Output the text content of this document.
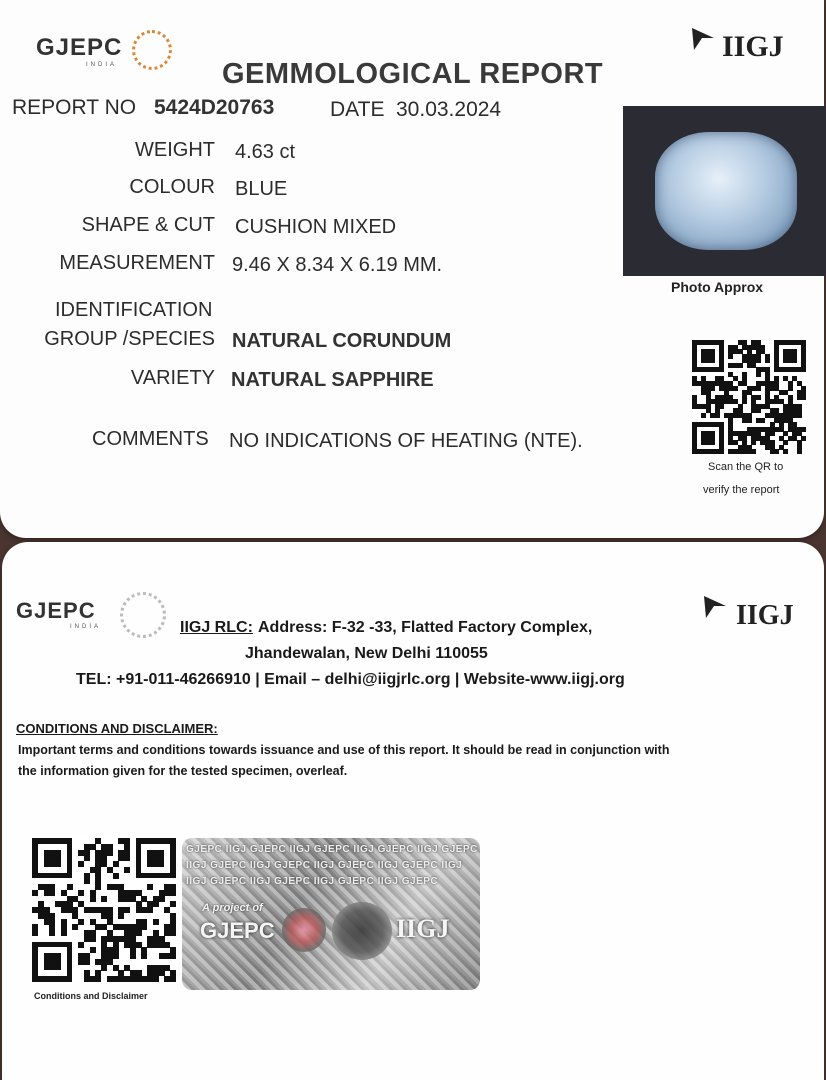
GJEPC
INDIA
IIGJ
GEMMOLOGICAL REPORT
REPORT NO 5424D20763	DATE 30.03.2024
WEIGHT 4.63 ct
COLOUR BLUE
SHAPE & CUT CUSHION MIXED
MEASUREMENT 9.46 X 8.34 X 6.19 MM.
IDENTIFICATION
GROUP /SPECIES NATURAL CORUNDUM
VARIETY NATURAL SAPPHIRE
COMMENTS NO INDICATIONS OF HEATING (NTE).
Photo Approx
Scan the QR to
verify the report
GJEPC
INDIA	IIGJ
IIGJ RLC: Address: F-32 -33, Flatted Factory Complex,
Jhandewalan, New Delhi 110055
TEL: +91-011-46266910 | Email – delhi@iigjrlc.org | Website-www.iigj.org
CONDITIONS AND DISCLAIMER:
Important terms and conditions towards issuance and use of this report. It should be read in conjunction with
the information given for the tested specimen, overleaf.
Conditions and Disclaimer
GJEPC IIGJ GJEPC IIGJ GJEPC IIGJ GJEPC IIGJ GJEPC
IIGJ GJEPC IIGJ GJEPC IIGJ GJEPC IIGJ GJEPC IIGJ
IIGJ GJEPC IIGJ GJEPC IIGJ GJEPC IIGJ GJEPC
A project of
GJEPC	IIGJ
